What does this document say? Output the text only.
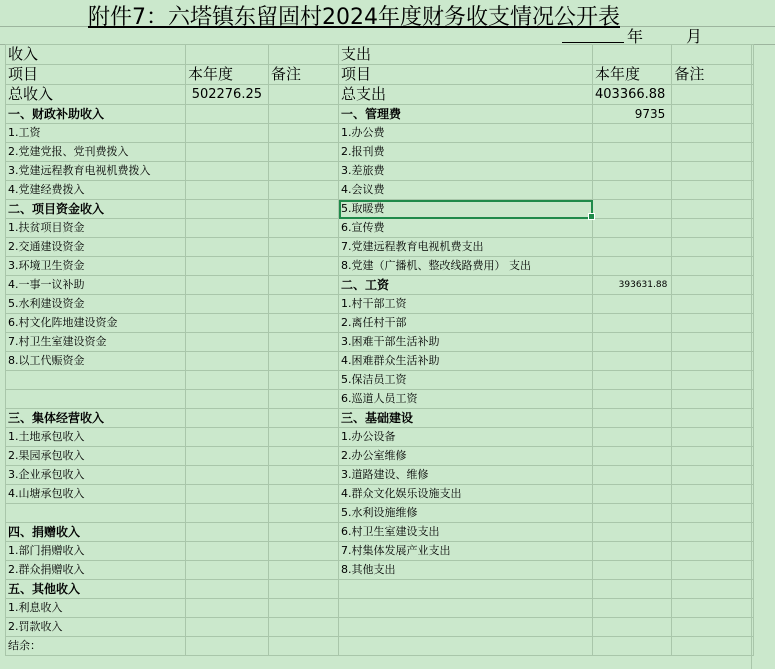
附件7：六塔镇东留固村2024年度财务收支情况公开表
年	月
收入			支出		
项目	本年度	备注	项目	本年度	备注
总收入	502276.25		总支出	403366.88	
一、财政补助收入			一、管理费	9735	
1.工资			1.办公费		
2.党建党报、党刊费拨入			2.报刊费		
3.党建远程教育电视机费拨入			3.差旅费		
4.党建经费拨入			4.会议费		
二、项目资金收入			5.取暖费		
1.扶贫项目资金			6.宣传费		
2.交通建设资金			7.党建远程教育电视机费支出		
3.环境卫生资金			8.党建（广播机、整改线路费用） 支出		
4.一事一议补助			二、工资	393631.88	
5.水利建设资金			1.村干部工资		
6.村文化阵地建设资金			2.离任村干部		
7.村卫生室建设资金			3.困难干部生活补助		
8.以工代赈资金			4.困难群众生活补助		
			5.保洁员工资		
			6.巡道人员工资		
三、集体经营收入			三、基础建设		
1.土地承包收入			1.办公设备		
2.果园承包收入			2.办公室维修		
3.企业承包收入			3.道路建设、维修		
4.山塘承包收入			4.群众文化娱乐设施支出		
			5.水利设施维修		
四、捐赠收入			6.村卫生室建设支出		
1.部门捐赠收入			7.村集体发展产业支出		
2.群众捐赠收入			8.其他支出		
五、其他收入					
1.利息收入					
2.罚款收入					
结余：					
